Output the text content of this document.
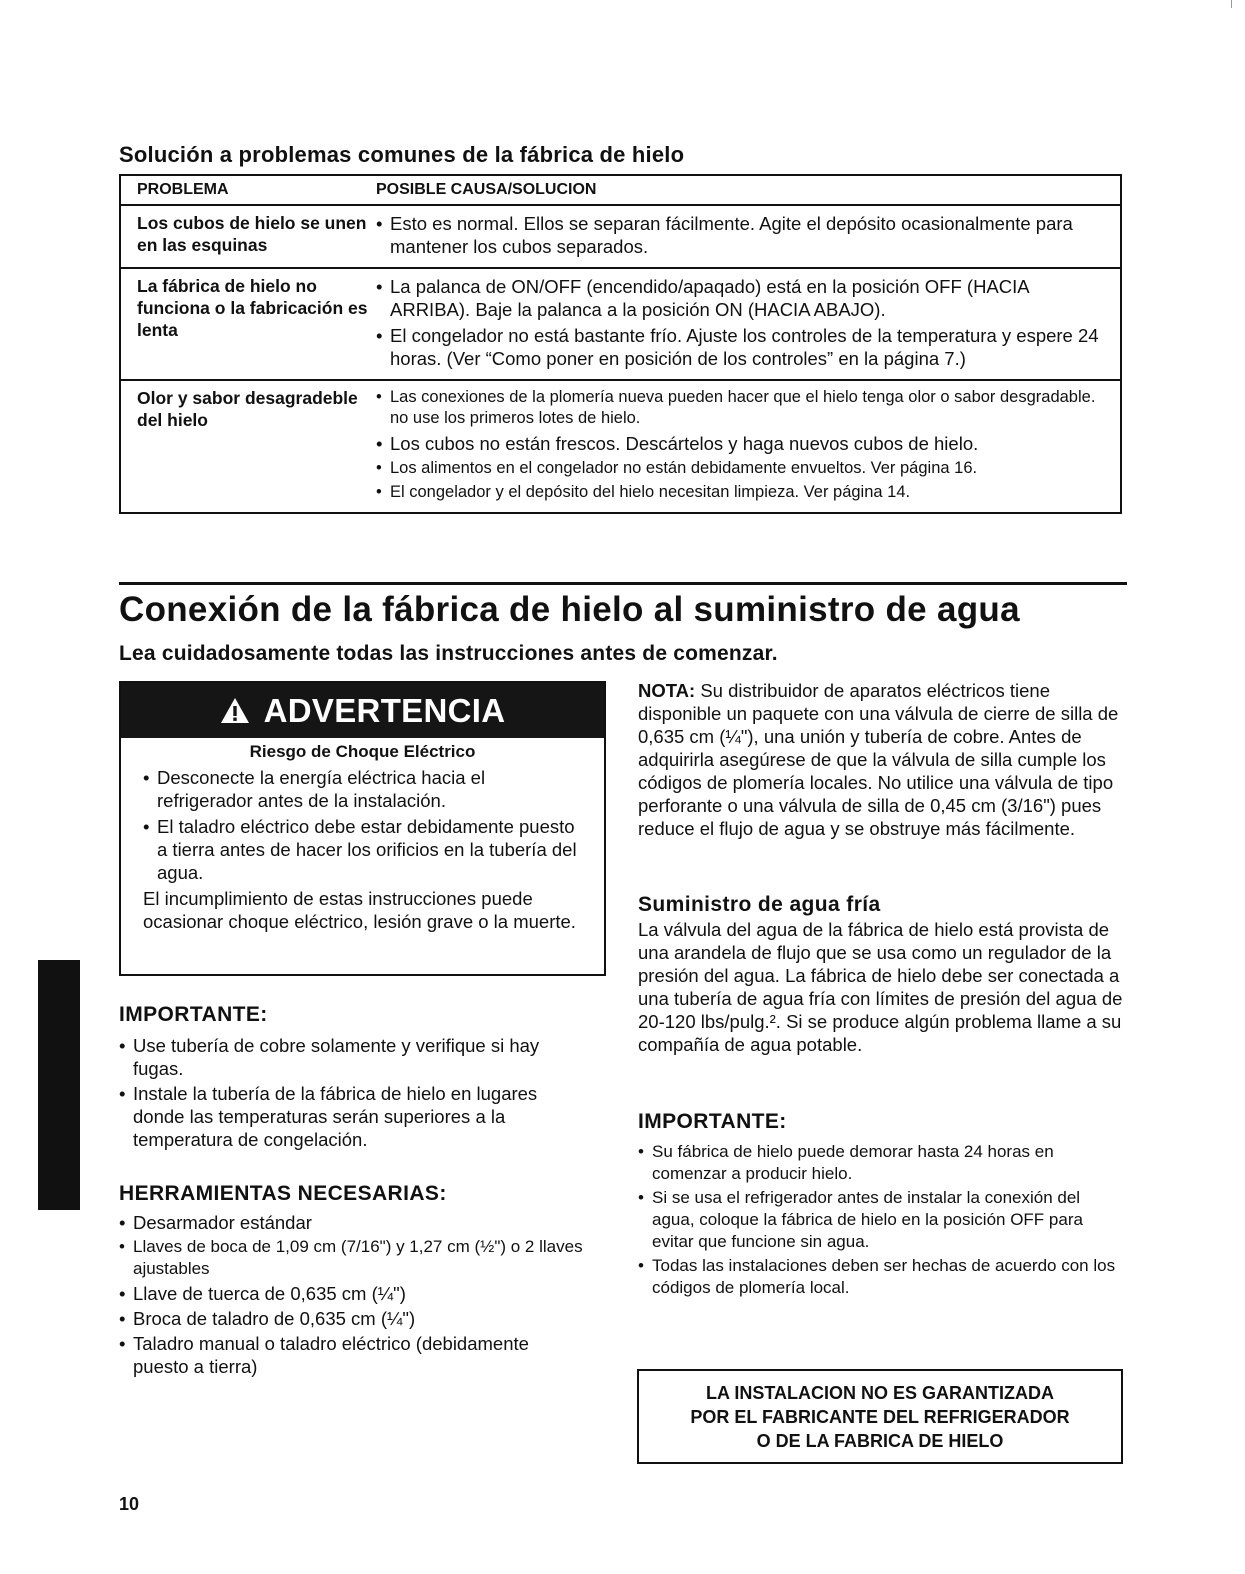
Solución a problemas comunes de la fábrica de hielo
PROBLEMA	POSIBLE CAUSA/SOLUCION
Los cubos de hielo se unen en las esquinas
• Esto es normal. Ellos se separan fácilmente. Agite el depósito ocasionalmente para mantener los cubos separados.
La fábrica de hielo no funciona o la fabricación es lenta
• La palanca de ON/OFF (encendido/apaqado) está en la posición OFF (HACIA ARRIBA). Baje la palanca a la posición ON (HACIA ABAJO).
• El congelador no está bastante frío. Ajuste los controles de la temperatura y espere 24 horas. (Ver “Como poner en posición de los controles” en la página 7.)
Olor y sabor desagradeble del hielo
• Las conexiones de la plomería nueva pueden hacer que el hielo tenga olor o sabor desgradable. no use los primeros lotes de hielo.
• Los cubos no están frescos. Descártelos y haga nuevos cubos de hielo.
• Los alimentos en el congelador no están debidamente envueltos. Ver página 16.
• El congelador y el depósito del hielo necesitan limpieza. Ver página 14.
Conexión de la fábrica de hielo al suministro de agua
Lea cuidadosamente todas las instrucciones antes de comenzar.
ADVERTENCIA
Riesgo de Choque Eléctrico
• Desconecte la energía eléctrica hacia el refrigerador antes de la instalación.
• El taladro eléctrico debe estar debidamente puesto a tierra antes de hacer los orificios en la tubería del agua.
El incumplimiento de estas instrucciones puede ocasionar choque eléctrico, lesión grave o la muerte.
IMPORTANTE:
• Use tubería de cobre solamente y verifique si hay fugas.
• Instale la tubería de la fábrica de hielo en lugares donde las temperaturas serán superiores a la temperatura de congelación.
HERRAMIENTAS NECESARIAS:
• Desarmador estándar
• Llaves de boca de 1,09 cm (7/16") y 1,27 cm (½") o 2 llaves ajustables
• Llave de tuerca de 0,635 cm (¼")
• Broca de taladro de 0,635 cm (¼")
• Taladro manual o taladro eléctrico (debidamente puesto a tierra)
NOTA: Su distribuidor de aparatos eléctricos tiene disponible un paquete con una válvula de cierre de silla de 0,635 cm (¼"), una unión y tubería de cobre. Antes de adquirirla asegúrese de que la válvula de silla cumple los códigos de plomería locales. No utilice una válvula de tipo perforante o una válvula de silla de 0,45 cm (3/16") pues reduce el flujo de agua y se obstruye más fácilmente.
Suministro de agua fría
La válvula del agua de la fábrica de hielo está provista de una arandela de flujo que se usa como un regulador de la presión del agua. La fábrica de hielo debe ser conectada a una tubería de agua fría con límites de presión del agua de 20-120 lbs/pulg.². Si se produce algún problema llame a su compañía de agua potable.
IMPORTANTE:
• Su fábrica de hielo puede demorar hasta 24 horas en comenzar a producir hielo.
• Si se usa el refrigerador antes de instalar la conexión del agua, coloque la fábrica de hielo en la posición OFF para evitar que funcione sin agua.
• Todas las instalaciones deben ser hechas de acuerdo con los códigos de plomería local.
LA INSTALACION NO ES GARANTIZADA
POR EL FABRICANTE DEL REFRIGERADOR
O DE LA FABRICA DE HIELO
10
